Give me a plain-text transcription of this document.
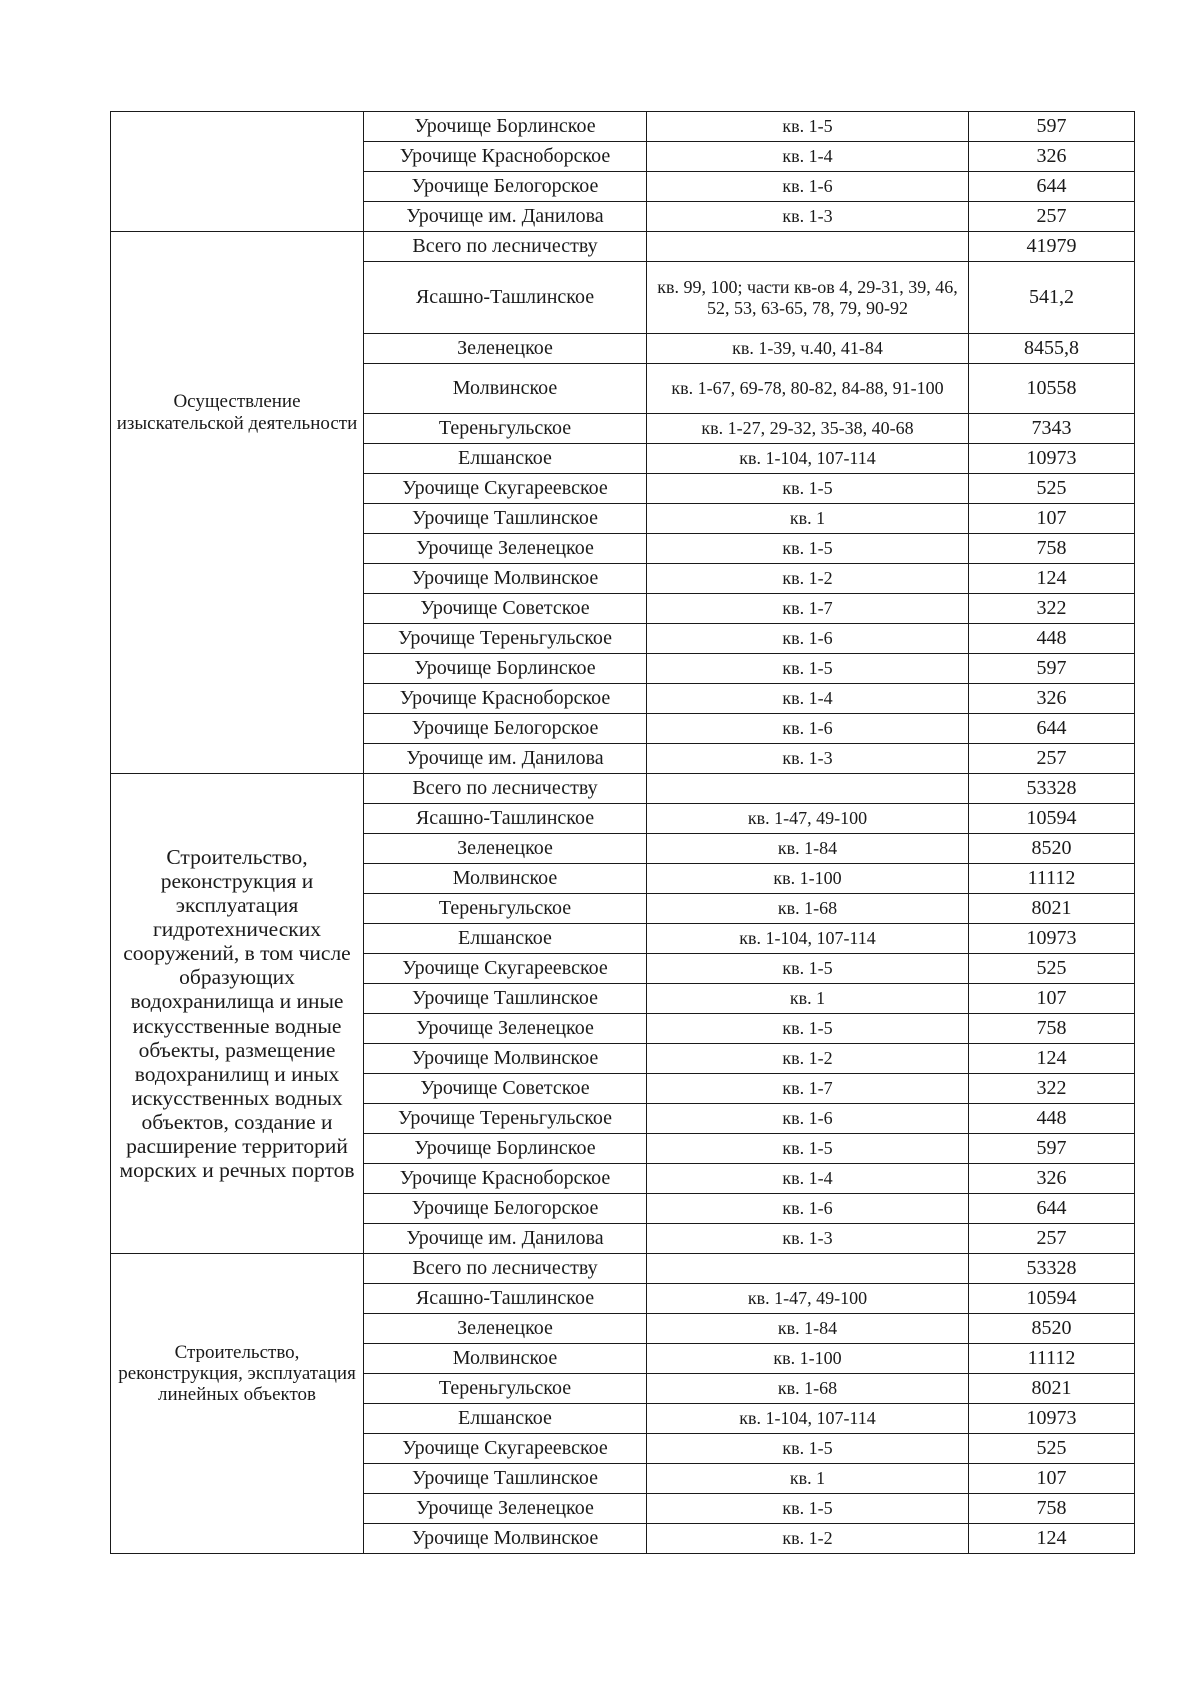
	Урочище Борлинское	кв. 1-5	597
	Урочище Красноборское	кв. 1-4	326
	Урочище Белогорское	кв. 1-6	644
	Урочище им. Данилова	кв. 1-3	257
Осуществление изыскательской деятельности	Всего по лесничеству		41979
	Ясашно-Ташлинское	кв. 99, 100; части кв-ов 4, 29-31, 39, 46, 52, 53, 63-65, 78, 79, 90-92	541,2
	Зеленецкое	кв. 1-39, ч.40, 41-84	8455,8
	Молвинское	кв. 1-67, 69-78, 80-82, 84-88, 91-100	10558
	Тереньгульское	кв. 1-27, 29-32, 35-38, 40-68	7343
	Елшанское	кв. 1-104, 107-114	10973
	Урочище Скугареевское	кв. 1-5	525
	Урочище Ташлинское	кв. 1	107
	Урочище Зеленецкое	кв. 1-5	758
	Урочище Молвинское	кв. 1-2	124
	Урочище Советское	кв. 1-7	322
	Урочище Тереньгульское	кв. 1-6	448
	Урочище Борлинское	кв. 1-5	597
	Урочище Красноборское	кв. 1-4	326
	Урочище Белогорское	кв. 1-6	644
	Урочище им. Данилова	кв. 1-3	257
Строительство, реконструкция и эксплуатация гидротехнических сооружений, в том числе образующих водохранилища и иные искусственные водные объекты, размещение водохранилищ и иных искусственных водных объектов, создание и расширение территорий морских и речных портов	Всего по лесничеству		53328
	Ясашно-Ташлинское	кв. 1-47, 49-100	10594
	Зеленецкое	кв. 1-84	8520
	Молвинское	кв. 1-100	11112
	Тереньгульское	кв. 1-68	8021
	Елшанское	кв. 1-104, 107-114	10973
	Урочище Скугареевское	кв. 1-5	525
	Урочище Ташлинское	кв. 1	107
	Урочище Зеленецкое	кв. 1-5	758
	Урочище Молвинское	кв. 1-2	124
	Урочище Советское	кв. 1-7	322
	Урочище Тереньгульское	кв. 1-6	448
	Урочище Борлинское	кв. 1-5	597
	Урочище Красноборское	кв. 1-4	326
	Урочище Белогорское	кв. 1-6	644
	Урочище им. Данилова	кв. 1-3	257
Строительство, реконструкция, эксплуатация линейных объектов	Всего по лесничеству		53328
	Ясашно-Ташлинское	кв. 1-47, 49-100	10594
	Зеленецкое	кв. 1-84	8520
	Молвинское	кв. 1-100	11112
	Тереньгульское	кв. 1-68	8021
	Елшанское	кв. 1-104, 107-114	10973
	Урочище Скугареевское	кв. 1-5	525
	Урочище Ташлинское	кв. 1	107
	Урочище Зеленецкое	кв. 1-5	758
	Урочище Молвинское	кв. 1-2	124
